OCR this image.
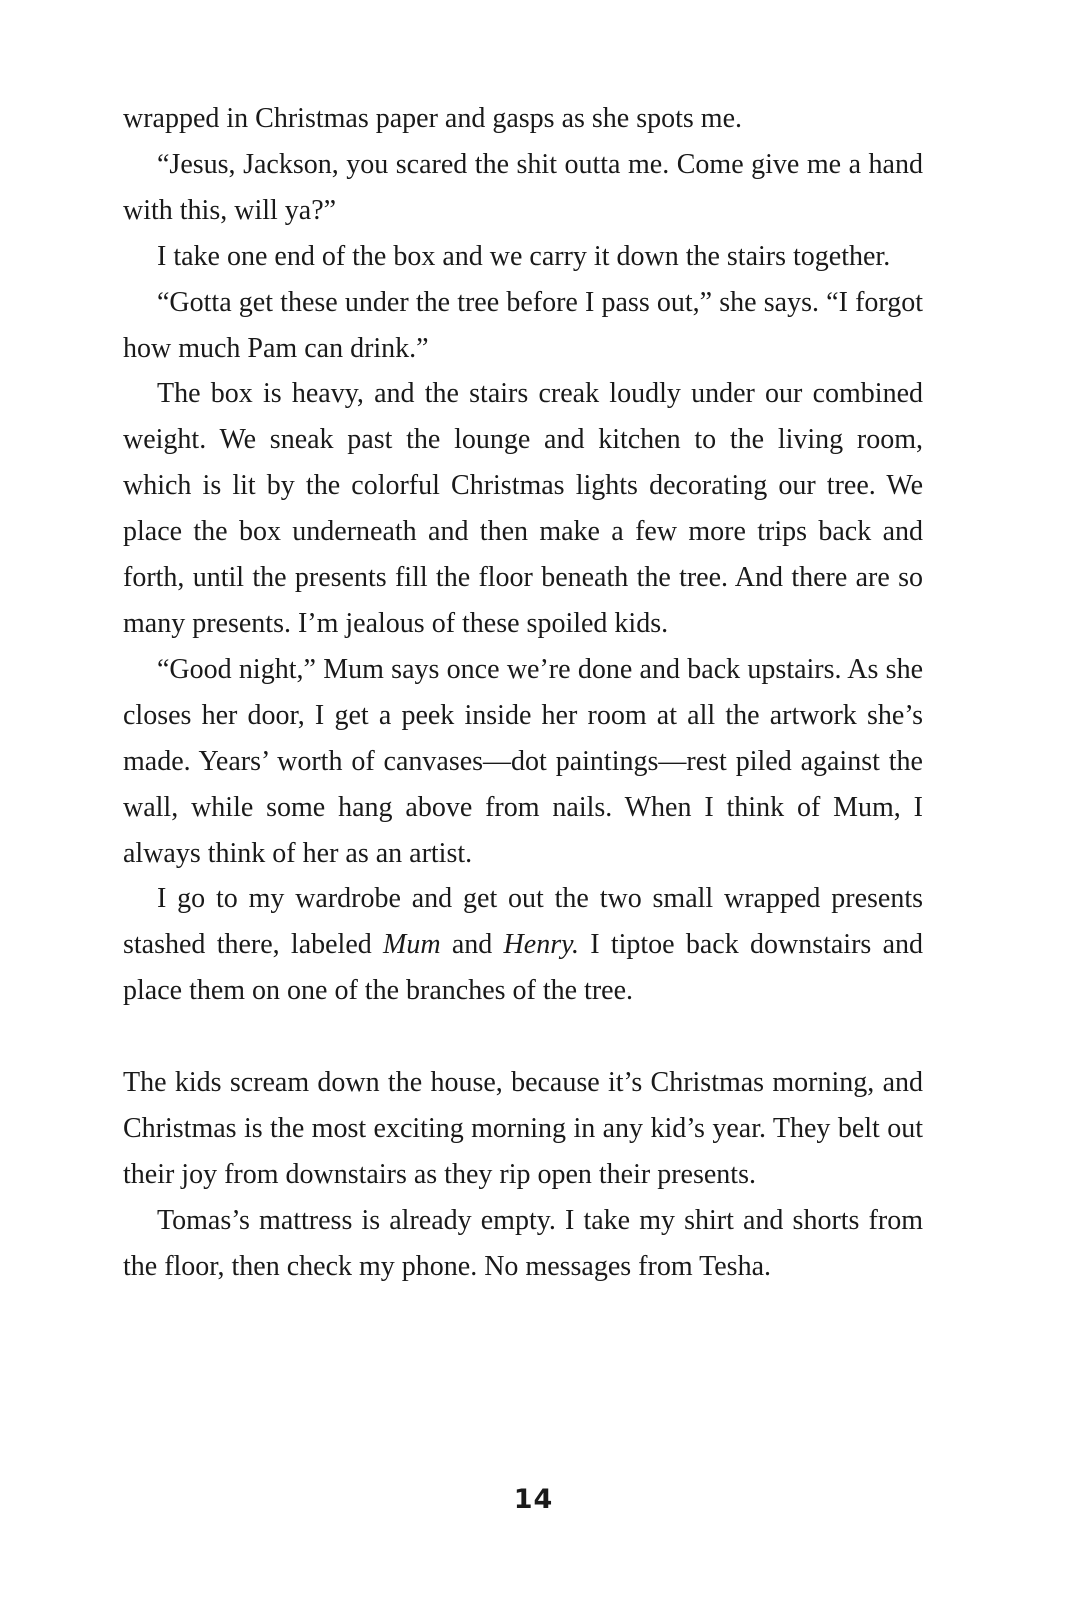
wrapped in Christmas paper and gasps as she spots me.

“Jesus, Jackson, you scared the shit outta me. Come give me a hand with this, will ya?”

I take one end of the box and we carry it down the stairs together.

“Gotta get these under the tree before I pass out,” she says. “I forgot how much Pam can drink.”

The box is heavy, and the stairs creak loudly under our combined weight. We sneak past the lounge and kitchen to the living room, which is lit by the colorful Christmas lights decorating our tree. We place the box underneath and then make a few more trips back and forth, until the presents fill the floor beneath the tree. And there are so many presents. I’m jealous of these spoiled kids.

“Good night,” Mum says once we’re done and back upstairs. As she closes her door, I get a peek inside her room at all the artwork she’s made. Years’ worth of canvases—dot paintings—rest piled against the wall, while some hang above from nails. When I think of Mum, I always think of her as an artist.

I go to my wardrobe and get out the two small wrapped presents stashed there, labeled Mum and Henry. I tiptoe back downstairs and place them on one of the branches of the tree.

The kids scream down the house, because it’s Christmas morning, and Christmas is the most exciting morning in any kid’s year. They belt out their joy from downstairs as they rip open their presents.

Tomas’s mattress is already empty. I take my shirt and shorts from the floor, then check my phone. No messages from Tesha.

14
